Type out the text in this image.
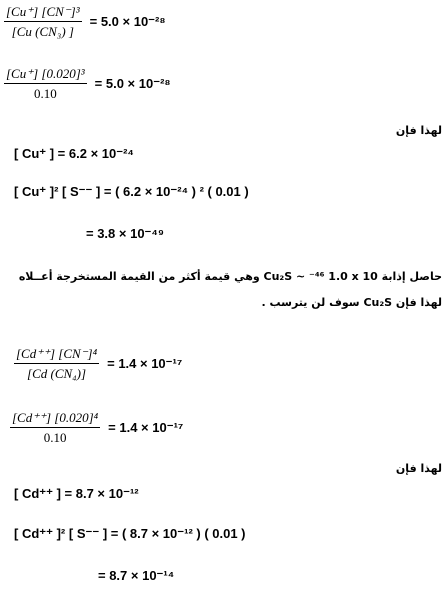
$\frac{\text{[Cu⁺] [CN⁻]³}}{\text{[Cu (CN₃) ]}} = 5.0 \times 10^{-28}$
$\frac{\text{[Cu⁺] [0.020]³}}{0.10} = 5.0 \times 10^{-28}$
لهذا فإن
[ Cu⁺ ] = 6.2 × 10⁻²⁴
[ Cu⁺ ]² [ S⁻⁻ ] = ( 6.2 × 10⁻²⁴ ) ² ( 0.01 )
= 3.8 × 10⁻⁴⁹
حاصل إذابة Cu₂S ~ ⁻⁴⁶ 1.0 x 10 وهي قيمة أكثر من القيمة المستخرجة أعــلاه
لهذا فإن Cu₂S سوف لن يترسب .
$\frac{\text{[Cd⁺⁺] [CN⁻]⁴}}{\text{[Cd (CN₄)]}} = 1.4 \times 10^{-17}$
$\frac{\text{[Cd⁺⁺] [0.020]⁴}}{0.10} = 1.4 \times 10^{-17}$
لهذا فإن
[ Cd⁺⁺ ] = 8.7 × 10⁻¹²
[ Cd⁺⁺ ]² [ S⁻⁻ ] = ( 8.7 × 10⁻¹² ) ( 0.01 )
= 8.7 × 10⁻¹⁴
